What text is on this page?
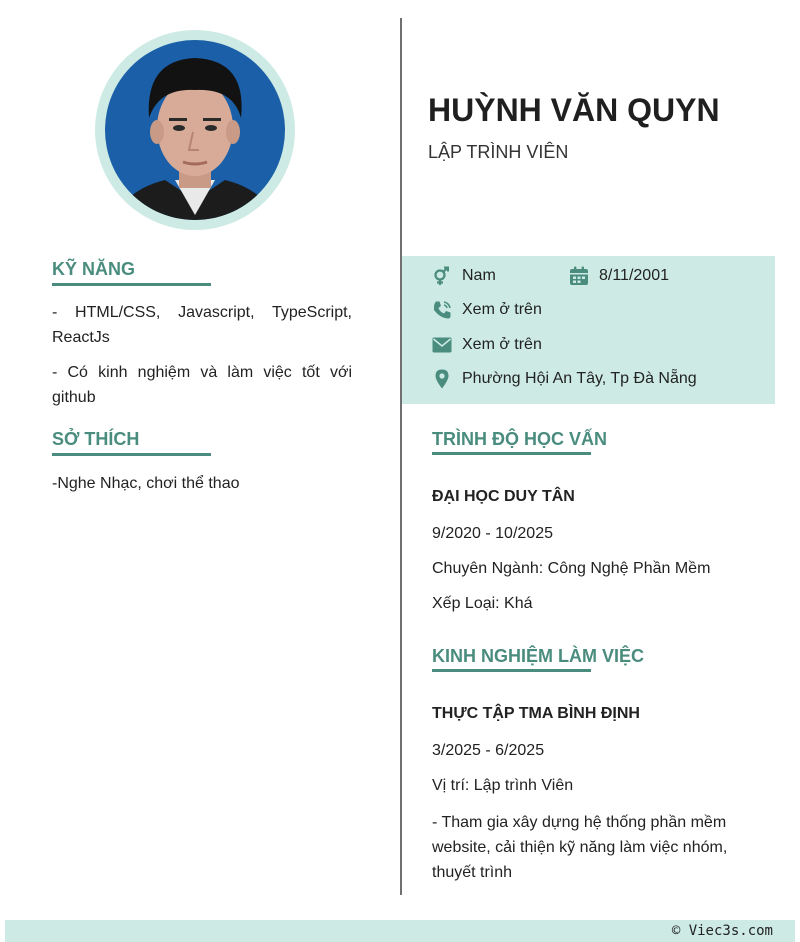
KỸ NĂNG

- HTML/CSS, Javascript, TypeScript, ReactJs

- Có kinh nghiệm và làm việc tốt với github

SỞ THÍCH

-Nghe Nhạc, chơi thể thao

HUỲNH VĂN QUYN

LẬP TRÌNH VIÊN

Nam	8/11/2001
Xem ở trên
Xem ở trên
Phường Hội An Tây, Tp Đà Nẵng
TRÌNH ĐỘ HỌC VẤN

ĐẠI HỌC DUY TÂN

9/2020 - 10/2025

Chuyên Ngành: Công Nghệ Phần Mềm

Xếp Loại: Khá

KINH NGHIỆM LÀM VIỆC

THỰC TẬP TMA BÌNH ĐỊNH

3/2025 - 6/2025

Vị trí: Lập trình Viên

- Tham gia xây dựng hệ thống phần mềm website, cải thiện kỹ năng làm việc nhóm, thuyết trình

© Viec3s.com
